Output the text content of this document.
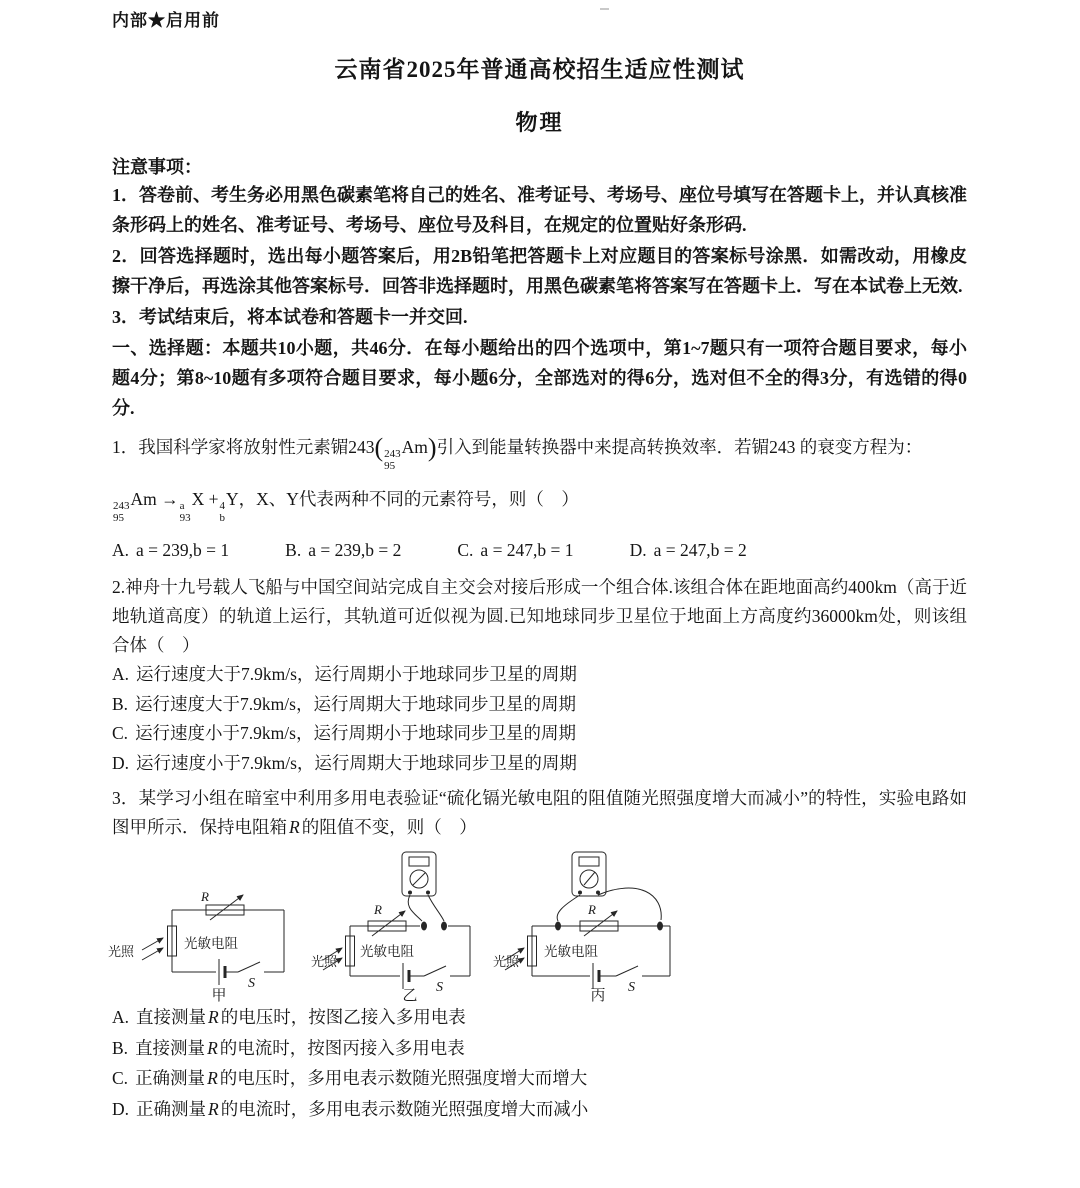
内部★启用前
云南省2025年普通高校招生适应性测试
物理
注意事项：

1．答卷前、考生务必用黑色碳素笔将自己的姓名、准考证号、考场号、座位号填写在答题卡上，并认真核准条形码上的姓名、准考证号、考场号、座位号及科目，在规定的位置贴好条形码.

2．回答选择题时，选出每小题答案后，用2B铅笔把答题卡上对应题目的答案标号涂黑．如需改动，用橡皮擦干净后，再选涂其他答案标号．回答非选择题时，用黑色碳素笔将答案写在答题卡上．写在本试卷上无效.

3．考试结束后，将本试卷和答题卡一并交回.

一、选择题：本题共10小题，共46分．在每小题给出的四个选项中，第1~7题只有一项符合题目要求，每小题4分；第8~10题有多项符合题目要求，每小题6分，全部选对的得6分，选对但不全的得3分，有选错的得0分.

1．我国科学家将放射性元素镅243( 243
95
Am)引入到能量转换器中来提高转换效率．若镅243 的衰变方程为：

243
95
Am → a
93
X + 4
b
Y，X、Y代表两种不同的元素符号，则（　）

A. a = 239,b = 1	B. a = 239,b = 2	C. a = 247,b = 1	D. a = 247,b = 2

2.神舟十九号载人飞船与中国空间站完成自主交会对接后形成一个组合体.该组合体在距地面高约400km（高于近地轨道高度）的轨道上运行，其轨道可近似视为圆.已知地球同步卫星位于地面上方高度约36000km处，则该组合体（　）

A. 运行速度大于7.9km/s，运行周期小于地球同步卫星的周期

B. 运行速度大于7.9km/s，运行周期大于地球同步卫星的周期

C. 运行速度小于7.9km/s，运行周期小于地球同步卫星的周期

D. 运行速度小于7.9km/s，运行周期大于地球同步卫星的周期

3．某学习小组在暗室中利用多用电表验证“硫化镉光敏电阻的阻值随光照强度增大而减小”的特性，实验电路如图甲所示．保持电阻箱 R 的阻值不变，则（　）

R
光照
光敏电阻
S
甲
R
光照
光敏电阻
S
乙
R
光照
光敏电阻
S
丙

A. 直接测量 R 的电压时，按图乙接入多用电表

B. 直接测量 R 的电流时，按图丙接入多用电表

C. 正确测量 R 的电压时，多用电表示数随光照强度增大而增大

D. 正确测量 R 的电流时，多用电表示数随光照强度增大而减小
